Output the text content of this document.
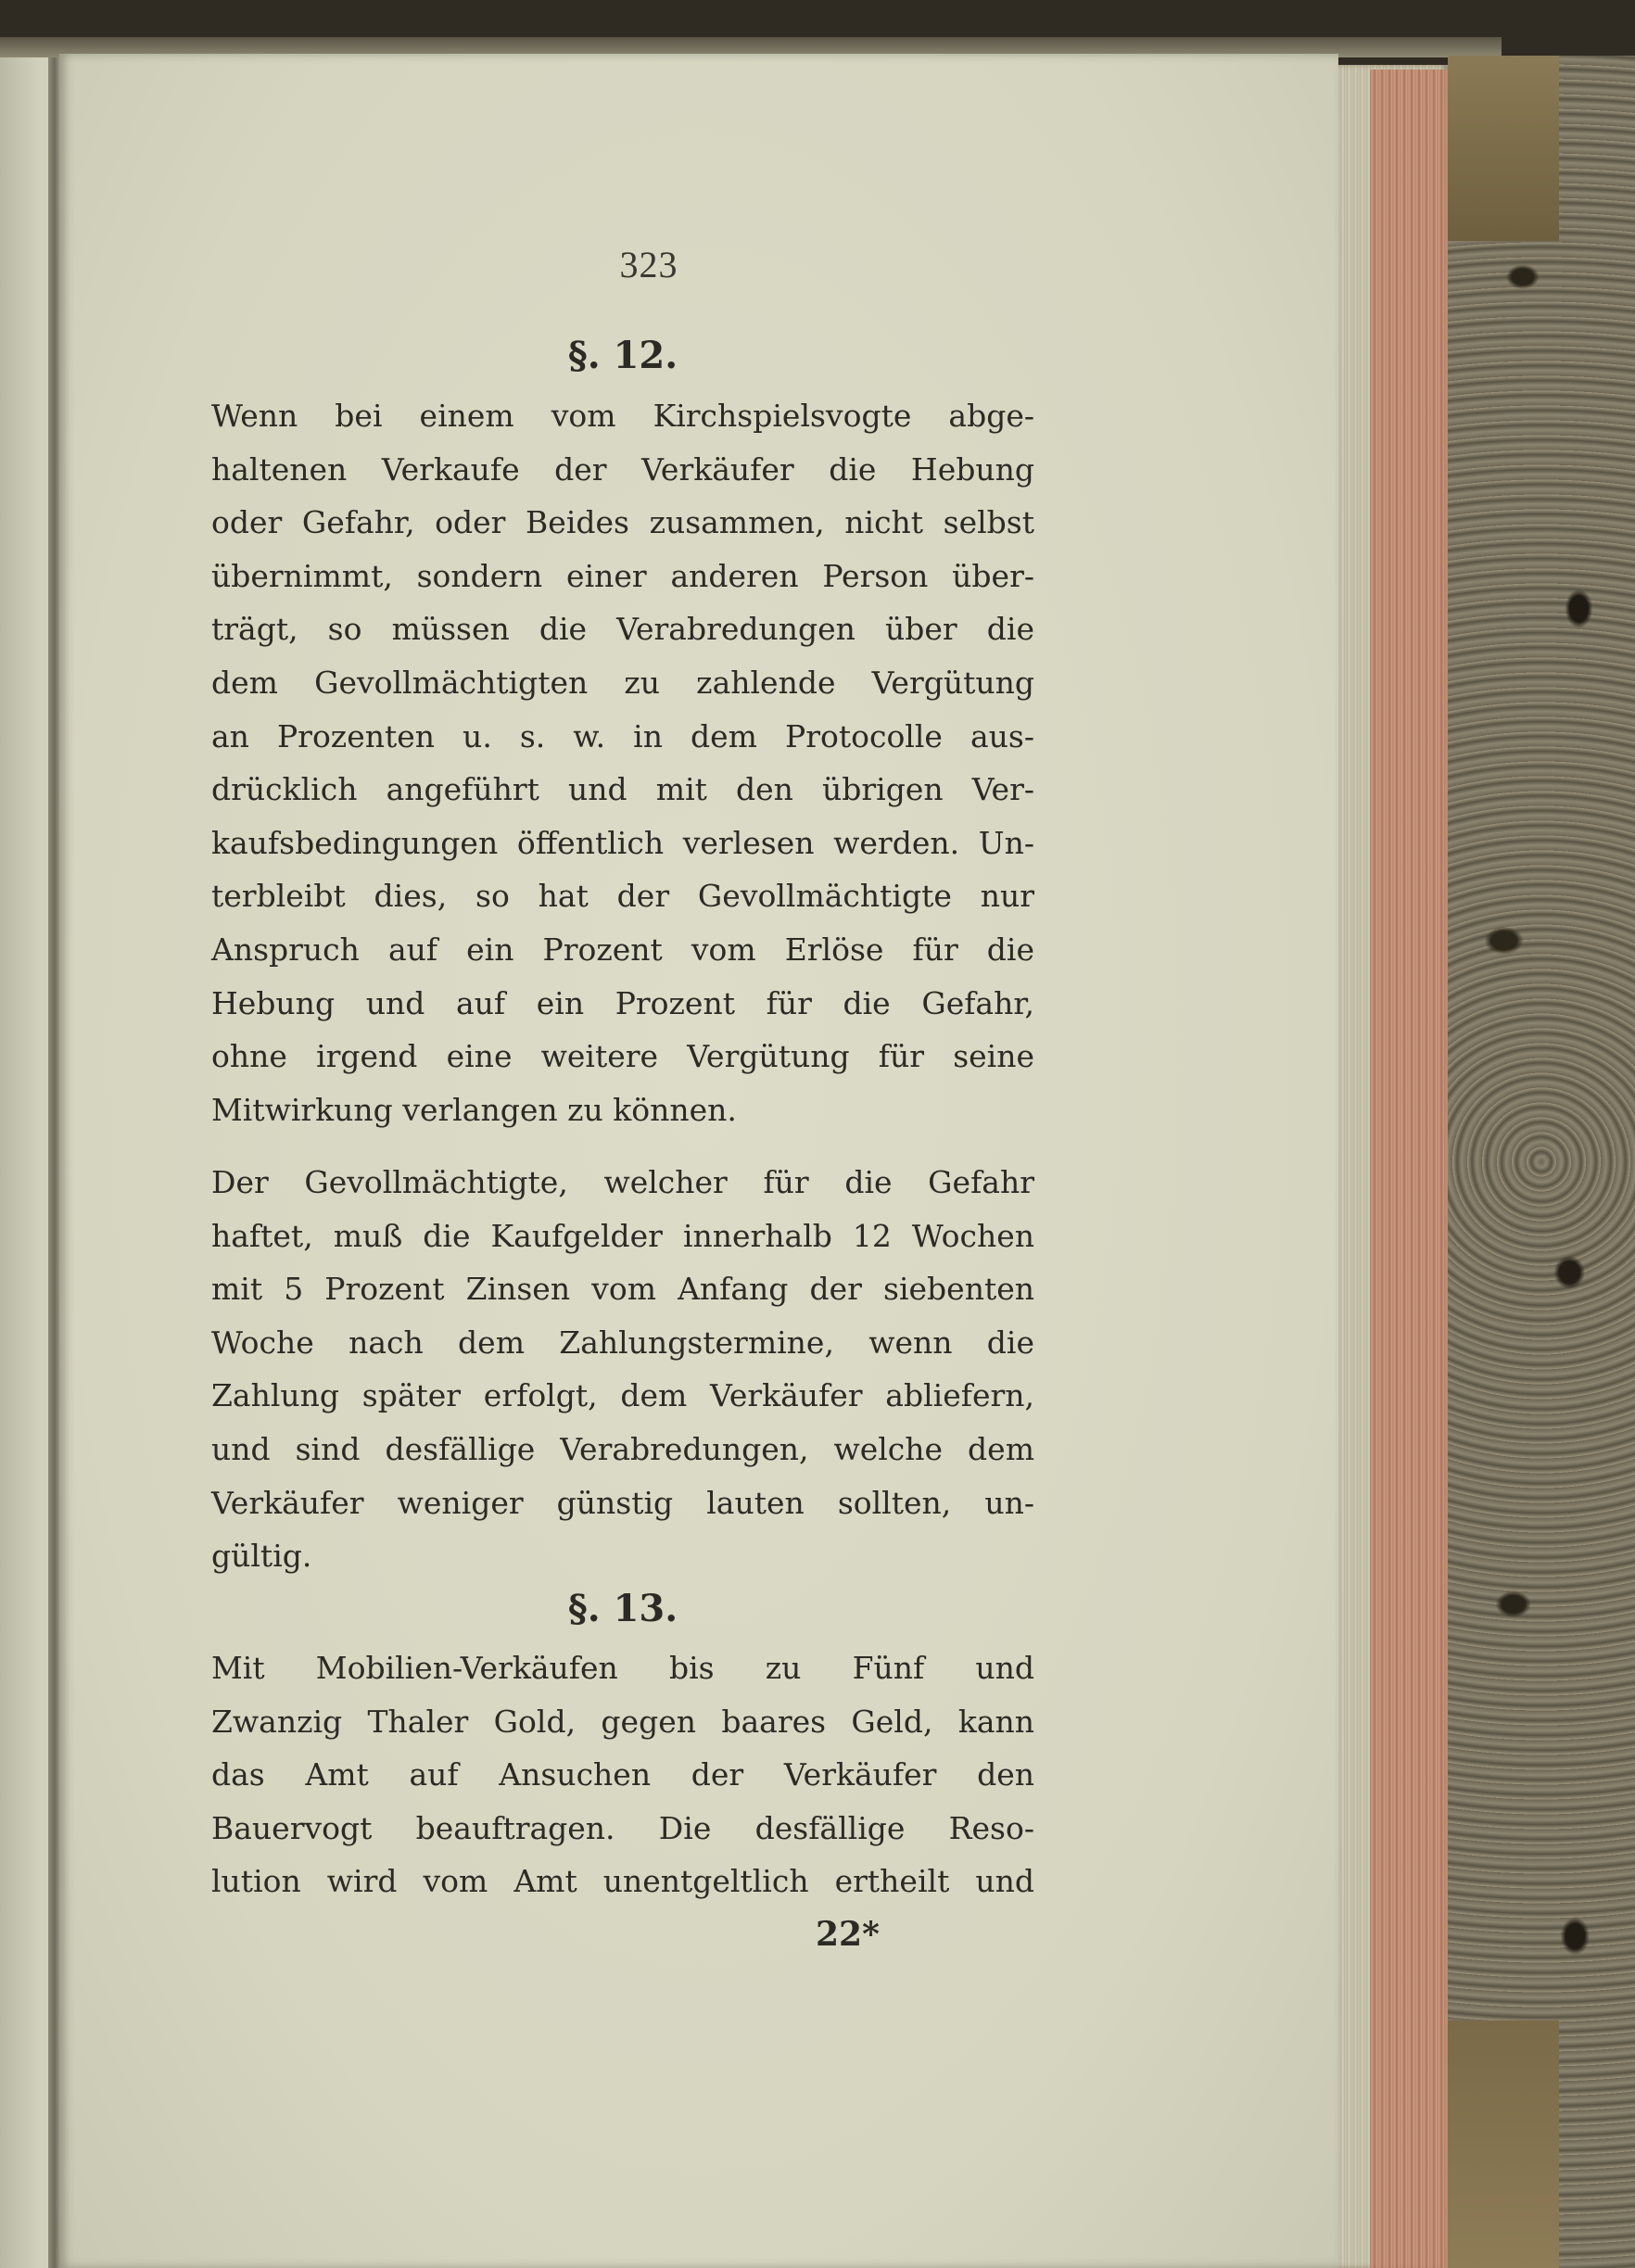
323
§. 12.
Wenn bei einem vom Kirchspielsvogte abge-
haltenen Verkaufe der Verkäufer die Hebung
oder Gefahr, oder Beides zusammen, nicht selbst
übernimmt, sondern einer anderen Person über-
trägt, so müssen die Verabredungen über die
dem Gevollmächtigten zu zahlende Vergütung
an Prozenten u. s. w. in dem Protocolle aus-
drücklich angeführt und mit den übrigen Ver-
kaufsbedingungen öffentlich verlesen werden. Un-
terbleibt dies, so hat der Gevollmächtigte nur
Anspruch auf ein Prozent vom Erlöse für die
Hebung und auf ein Prozent für die Gefahr,
ohne irgend eine weitere Vergütung für seine
Mitwirkung verlangen zu können.
Der Gevollmächtigte, welcher für die Gefahr
haftet, muß die Kaufgelder innerhalb 12 Wochen
mit 5 Prozent Zinsen vom Anfang der siebenten
Woche nach dem Zahlungstermine, wenn die
Zahlung später erfolgt, dem Verkäufer abliefern,
und sind desfällige Verabredungen, welche dem
Verkäufer weniger günstig lauten sollten, un-
gültig.
§. 13.
Mit Mobilien-Verkäufen bis zu Fünf und
Zwanzig Thaler Gold, gegen baares Geld, kann
das Amt auf Ansuchen der Verkäufer den
Bauervogt beauftragen. Die desfällige Reso-
lution wird vom Amt unentgeltlich ertheilt und
22*
